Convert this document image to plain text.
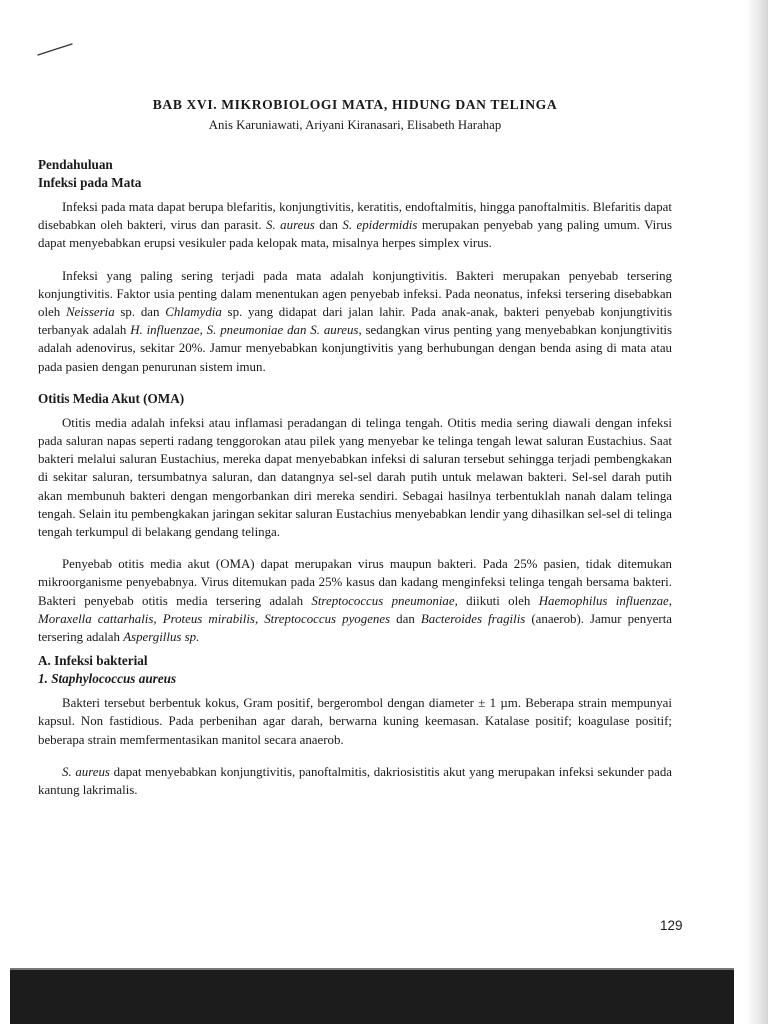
BAB XVI. MIKROBIOLOGI MATA, HIDUNG DAN TELINGA
Anis Karuniawati, Ariyani Kiranasari, Elisabeth Harahap
Pendahuluan
Infeksi pada Mata

Infeksi pada mata dapat berupa blefaritis, konjungtivitis, keratitis, endoftalmitis, hingga panoftalmitis. Blefaritis dapat disebabkan oleh bakteri, virus dan parasit. S. aureus dan S. epidermidis merupakan penyebab yang paling umum. Virus dapat menyebabkan erupsi vesikuler pada kelopak mata, misalnya herpes simplex virus.

Infeksi yang paling sering terjadi pada mata adalah konjungtivitis. Bakteri merupakan penyebab tersering konjungtivitis. Faktor usia penting dalam menentukan agen penyebab infeksi. Pada neonatus, infeksi tersering disebabkan oleh Neisseria sp. dan Chlamydia sp. yang didapat dari jalan lahir. Pada anak-anak, bakteri penyebab konjungtivitis terbanyak adalah H. influenzae, S. pneumoniae dan S. aureus, sedangkan virus penting yang menyebabkan konjungtivitis adalah adenovirus, sekitar 20%. Jamur menyebabkan konjungtivitis yang berhubungan dengan benda asing di mata atau pada pasien dengan penurunan sistem imun.

Otitis Media Akut (OMA)

Otitis media adalah infeksi atau inflamasi peradangan di telinga tengah. Otitis media sering diawali dengan infeksi pada saluran napas seperti radang tenggorokan atau pilek yang menyebar ke telinga tengah lewat saluran Eustachius. Saat bakteri melalui saluran Eustachius, mereka dapat menyebabkan infeksi di saluran tersebut sehingga terjadi pembengkakan di sekitar saluran, tersumbatnya saluran, dan datangnya sel-sel darah putih untuk melawan bakteri. Sel-sel darah putih akan membunuh bakteri dengan mengorbankan diri mereka sendiri. Sebagai hasilnya terbentuklah nanah dalam telinga tengah. Selain itu pembengkakan jaringan sekitar saluran Eustachius menyebabkan lendir yang dihasilkan sel-sel di telinga tengah terkumpul di belakang gendang telinga.

Penyebab otitis media akut (OMA) dapat merupakan virus maupun bakteri. Pada 25% pasien, tidak ditemukan mikroorganisme penyebabnya. Virus ditemukan pada 25% kasus dan kadang menginfeksi telinga tengah bersama bakteri. Bakteri penyebab otitis media tersering adalah Streptococcus pneumoniae, diikuti oleh Haemophilus influenzae, Moraxella cattarhalis, Proteus mirabilis, Streptococcus pyogenes dan Bacteroides fragilis (anaerob). Jamur penyerta tersering adalah Aspergillus sp.

A. Infeksi bakterial
1. Staphylococcus aureus

Bakteri tersebut berbentuk kokus, Gram positif, bergerombol dengan diameter ± 1 µm. Beberapa strain mempunyai kapsul. Non fastidious. Pada perbenihan agar darah, berwarna kuning keemasan. Katalase positif; koagulase positif; beberapa strain memfermentasikan manitol secara anaerob.

S. aureus dapat menyebabkan konjungtivitis, panoftalmitis, dakriosistitis akut yang merupakan infeksi sekunder pada kantung lakrimalis.

129
